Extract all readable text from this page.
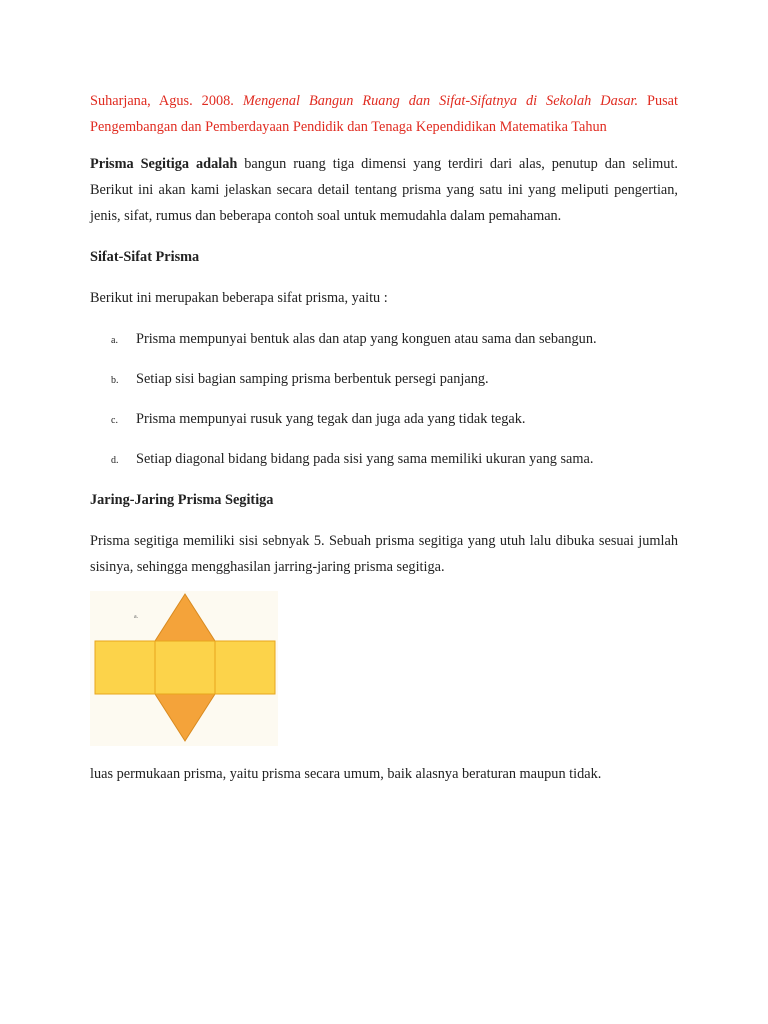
Suharjana, Agus. 2008. Mengenal Bangun Ruang dan Sifat-Sifatnya di Sekolah Dasar. Pusat Pengembangan dan Pemberdayaan Pendidik dan Tenaga Kependidikan Matematika Tahun

Prisma Segitiga adalah bangun ruang tiga dimensi yang terdiri dari alas, penutup dan selimut. Berikut ini akan kami jelaskan secara detail tentang prisma yang satu ini yang meliputi pengertian, jenis, sifat, rumus dan beberapa contoh soal untuk memudahla dalam pemahaman.

Sifat-Sifat Prisma

Berikut ini merupakan beberapa sifat prisma, yaitu :

a.	Prisma mempunyai bentuk alas dan atap yang konguen atau sama dan sebangun.
b.	Setiap sisi bagian samping prisma berbentuk persegi panjang.
c.	Prisma mempunyai rusuk yang tegak dan juga ada yang tidak tegak.
d.	Setiap diagonal bidang bidang pada sisi yang sama memiliki ukuran yang sama.

Jaring-Jaring Prisma Segitiga

Prisma segitiga memiliki sisi sebnyak 5. Sebuah prisma segitiga yang utuh lalu dibuka sesuai jumlah sisinya, sehingga mengghasilan jarring-jaring prisma segitiga.

a.

luas permukaan prisma, yaitu prisma secara umum, baik alasnya beraturan maupun tidak.
